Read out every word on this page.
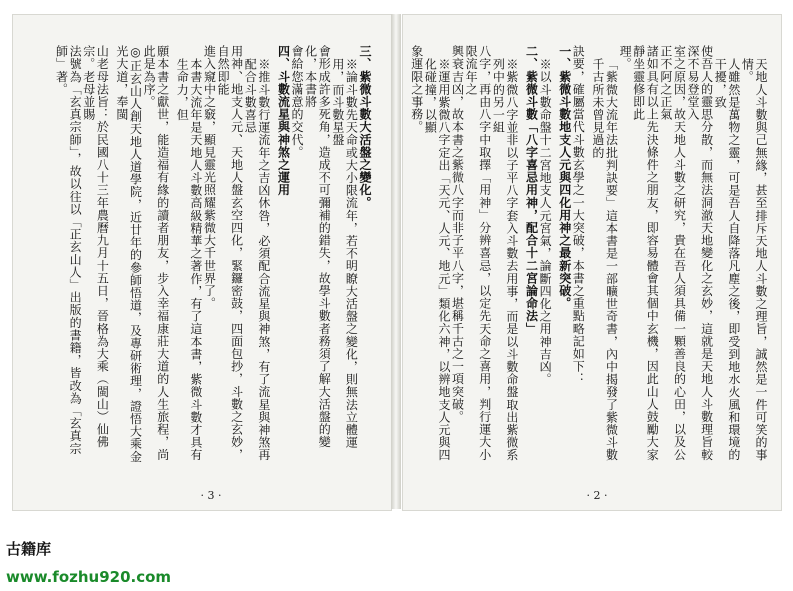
三、紫微斗數大活盤之變化。
※論斗數先天命或大小限流年，若不明瞭大活盤之變化，則無法立體運用，而斗數星盤
會形成許多死角，造成不可彌補的錯失，故學斗數者務須了解大活盤的變化，本書將
會給您滿意的交代。
四、斗數流星與神煞之運用
※推斗數行運流年之吉凶休咎，必須配合流星與神煞，有了流星與神煞再配合斗數喜忌
用神、地支人元、天地人盤玄空四化，緊鑼密鼓，四面包抄，斗數之玄妙，自然即能
進入窺中之竅，顯見靈光照耀紫微大千世界了。
本書大流年是天地人斗數高級精華之著作，有了這本書，紫微斗數才具有生命力，但
願本書之獻世，能造福有緣的讀者朋友，步入幸福康莊大道的人生旅程，尚此是為序。
◎正玄山人創天地人道學院，近廿年的參師悟道，及專研術理，證悟大乘金光大道，奉閩
山老母法旨：於民國八十三年農曆九月十五日，晉格為大乘（閩山）仙佛宗。老母並賜
法號為「玄真宗師」，故以往以「正玄山人」出版的書籍，皆改為「玄真宗師」著。
· 3 ·
天地人斗數與己無緣，甚至排斥天地人斗數之理旨，誠然是一件可笑的事情。
人雖然是萬物之靈，可是吾人自降落凡塵之後，即受到地水火風和環境的干擾，致
使吾人的靈思分散，而無法洞澈天地變化之玄妙，這就是天地人斗數理旨較深不易登堂入
室之原因，故天地人斗數之研究，貴在吾人須具備一顆善良的心田，以及公正不阿之正氣
諸如具有以上先決條件之朋友，即容易體會其個中玄機，因此山人鼓勵大家靜坐靈修即此
理。
「紫微大流年法批判訣要」這本書是一部曠世奇書，內中揭發了紫微斗數千古所未曾見過的
訣要，確屬當代斗數玄學之一大突破，本書之重點略記如下：
一、紫微斗數地支人元與四化用神之最新突破。
※以斗數命盤十二宮地支人元宮氣，論斷四化之用神吉凶。
二、紫微斗數「八字喜忌用神，配合十二宮論命法」
※紫微八字並非以子平八字套入斗數去用事，而是以斗數命盤取出紫微系列中的另一組
八字，再由八字中取擇「用神」分辨喜忌，以定先天命之喜用，判行運大小限流年之
興衰吉凶，故本書之紫微八字而非子平八字，堪稱千古之一項突破。
※運用紫微八字定出「天元、人元、地元」類化六神，以辨地支人元與四化碰撞，以顯
象運限之事務。
· 2 ·
古籍库 www.fozhu920.com
